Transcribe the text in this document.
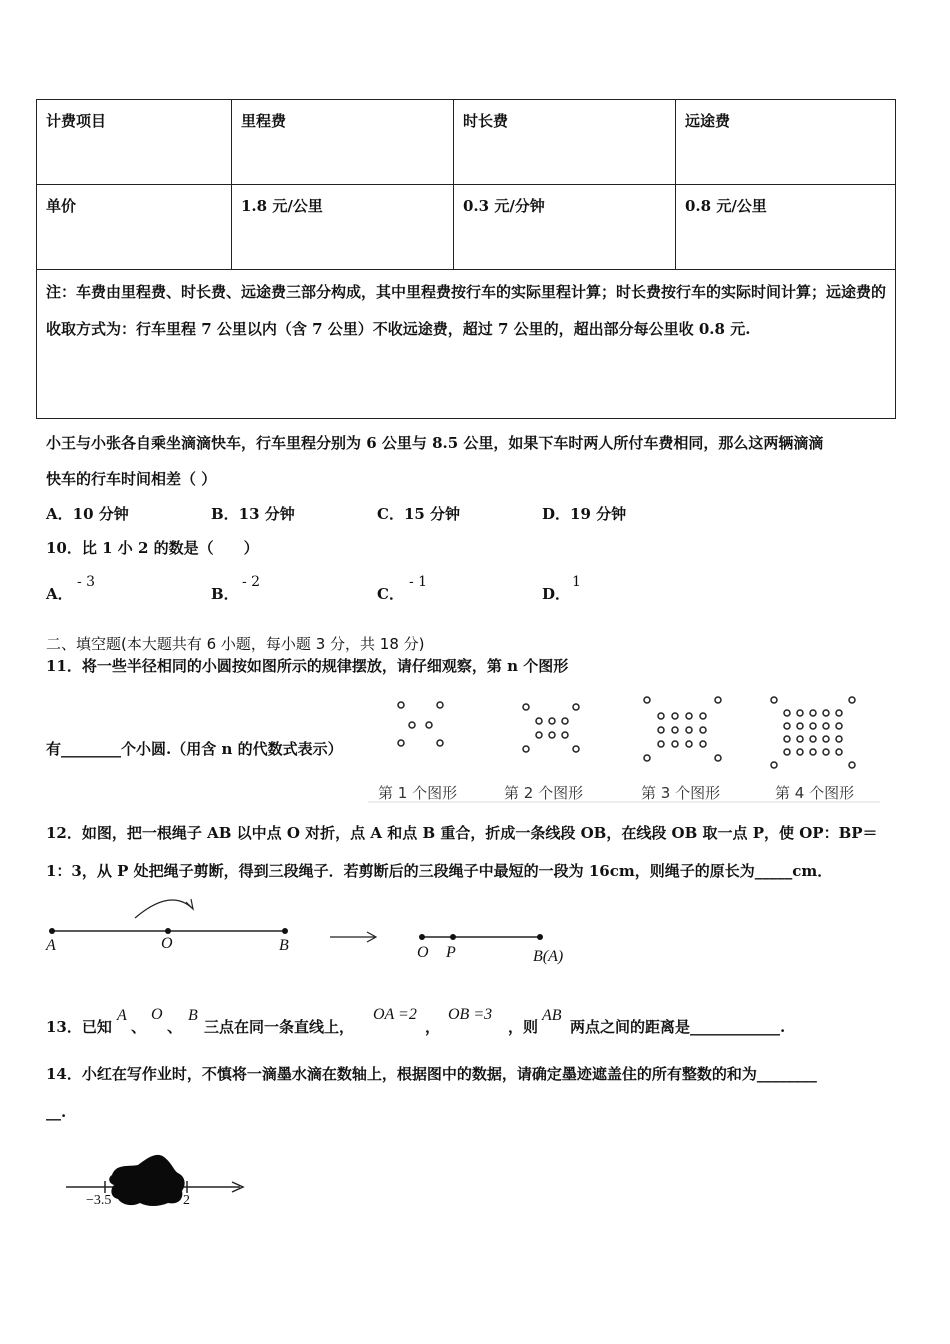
计费项目	里程费	时长费	远途费
单价	1.8 元/公里	0.3 元/分钟	0.8 元/公里
注：车费由里程费、时长费、远途费三部分构成，其中里程费按行车的实际里程计算；时长费按行车的实际时间计算；远途费的收取方式为：行车里程 7 公里以内（含 7 公里）不收远途费，超过 7 公里的，超出部分每公里收 0.8 元.			
小王与小张各自乘坐滴滴快车，行车里程分别为 6 公里与 8.5 公里，如果下车时两人所付车费相同，那么这两辆滴滴
快车的行车时间相差（ ）
A．10 分钟	B．13 分钟	C．15 分钟	D．19 分钟
10．比 1 小 2 的数是（　　）
A．
- 3
B．
- 2
C．
- 1
D．
1
二、填空题(本大题共有 6 小题，每小题 3 分，共 18 分)
11．将一些半径相同的小圆按如图所示的规律摆放，请仔细观察，第 n 个图形
有________个小圆.（用含 n 的代数式表示）
第 1 个图形	第 2 个图形	第 3 个图形	第 4 个图形
12．如图，把一根绳子 AB 以中点 O 对折，点 A 和点 B 重合，折成一条线段 OB，在线段 OB 取一点 P，使 OP：BP＝
1：3，从 P 处把绳子剪断，得到三段绳子．若剪断后的三段绳子中最短的一段为 16cm，则绳子的原长为_____cm．
A	O	B	O P	B(A)
13．已知
A
、
O
、
B
三点在同一条直线上，
OA =2
，
OB =3
，则
AB
两点之间的距离是____________.
14．小红在写作业时，不慎将一滴墨水滴在数轴上，根据图中的数据，请确定墨迹遮盖住的所有整数的和为________
__.
−3.5	2
